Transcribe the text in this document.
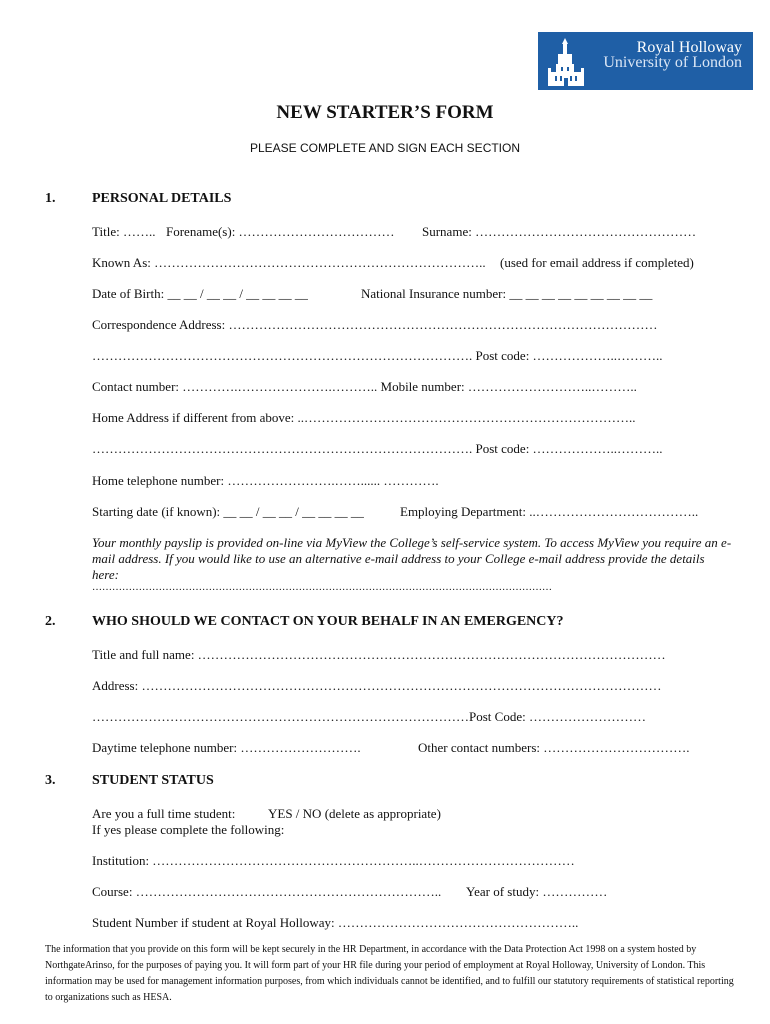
Royal Holloway
University of London
NEW STARTER’S FORM
PLEASE COMPLETE AND SIGN EACH SECTION
1.	PERSONAL DETAILS
Title: …….. Forename(s): ……………………………… Surname: ……………………………………………
Known As: ………………………………………………………………….. (used for email address if completed)
Date of Birth: __ __ / __ __ / __ __ __ __	National Insurance number: __ __ __ __ __ __ __ __ __
Correspondence Address: ………………………………………………………………………………………
……………………………………………………………………………. Post code: ………………..………..
Contact number: ………….………………….……….. Mobile number: ………………………..………..
Home Address if different from above: ..…………………………………………………………………..
……………………………………………………………………………. Post code: ………………..………..
Home telephone number: …………………….……...... ………….
Starting date (if known): __ __ / __ __ / __ __ __ __	Employing Department: ..………………………………..
Your monthly payslip is provided on-line via MyView the College’s self-service system. To access MyView you require an e-mail address. If you would like to use an alternative e-mail address to your College e-mail address provide the details here:
…………………………………………………………………………………………………………………………
2.	WHO SHOULD WE CONTACT ON YOUR BEHALF IN AN EMERGENCY?
Title and full name: ………………………………………………………………………………………………
Address: …………………………………………………………………………………………………………
……………………………………………………………………………Post Code: ………………………
Daytime telephone number: ……………………….	Other contact numbers: …………………………….
3.	STUDENT STATUS
Are you a full time student:	YES / NO (delete as appropriate)
If yes please complete the following:
Institution: ……………………………………………………..………………………………
Course: …………………………………………………………….. Year of study: ……………
Student Number if student at Royal Holloway: ………………………………………………..
The information that you provide on this form will be kept securely in the HR Department, in accordance with the Data Protection Act 1998 on a system hosted by NorthgateArinso, for the purposes of paying you. It will form part of your HR file during your period of employment at Royal Holloway, University of London. This information may be used for management information purposes, from which individuals cannot be identified, and to fulfill our statutory requirements of statistical reporting to organizations such as HESA.
